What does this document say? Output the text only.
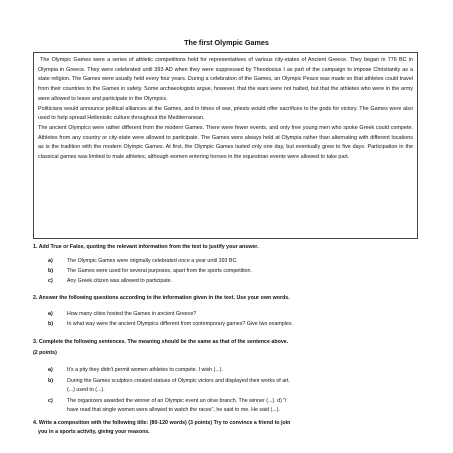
The first Olympic Games

The Olympic Games were a series of athletic competitions held for representatives of various city-states of Ancient Greece. They began in 776 BC in Olympia in Greece. They were celebrated until 393 AD when they were suppressed by Theodosius I as part of the campaign to impose Christianity as a state religion. The Games were usually held every four years. During a celebration of the Games, an Olympic Peace was made so that athletes could travel from their countries to the Games in safety. Some archaeologists argue, however, that the wars were not halted, but that the athletes who were in the army were allowed to leave and participate in the Olympics.

Politicians would announce political alliances at the Games, and in times of war, priests would offer sacrifices to the gods for victory. The Games were also used to help spread Hellenistic culture throughout the Mediterranean.

The ancient Olympics were rather different from the modern Games. There were fewer events, and only free young men who spoke Greek could compete. Athletes from any country or city-state were allowed to participate. The Games were always held at Olympia rather than alternating with different locations as is the tradition with the modern Olympic Games. At first, the Olympic Games lasted only one day, but eventually grew to five days. Participation in the classical games was limited to male athletes, although women entering horses in the equestrian events were allowed to take part.

1. Add True or False, quoting the relevant information from the text to justify your answer.
a)	The Olympic Games were originally celebrated once a year until 393 BC.
b)	The Games were used for several purposes, apart from the sports competition.
c)	Any Greek citizen was allowed to participate.
2. Answer the following questions according to the information given in the text. Use your own words.
a)	How many cities hosted the Games in ancient Greece?
b)	In what way were the ancient Olympics different from contemporary games? Give two examples.
3. Complete the following sentences. The meaning should be the same as that of the sentence above.
(2 points)
a)	It's a pity they didn't permit women athletes to compete. I wish (...).
b)	During the Games sculptors created statues of Olympic victors and displayed their works of art.
(...) used to (...).
c)	The organizers awarded the winner of an Olympic event an olive branch. The winner (...). d) "I
have read that single women were allowed to watch the races", he said to me. He said (...).
4. Write a composition with the following title: (80-120 words) (3 points) Try to convince a friend to join
you in a sports activity, giving your reasons.
